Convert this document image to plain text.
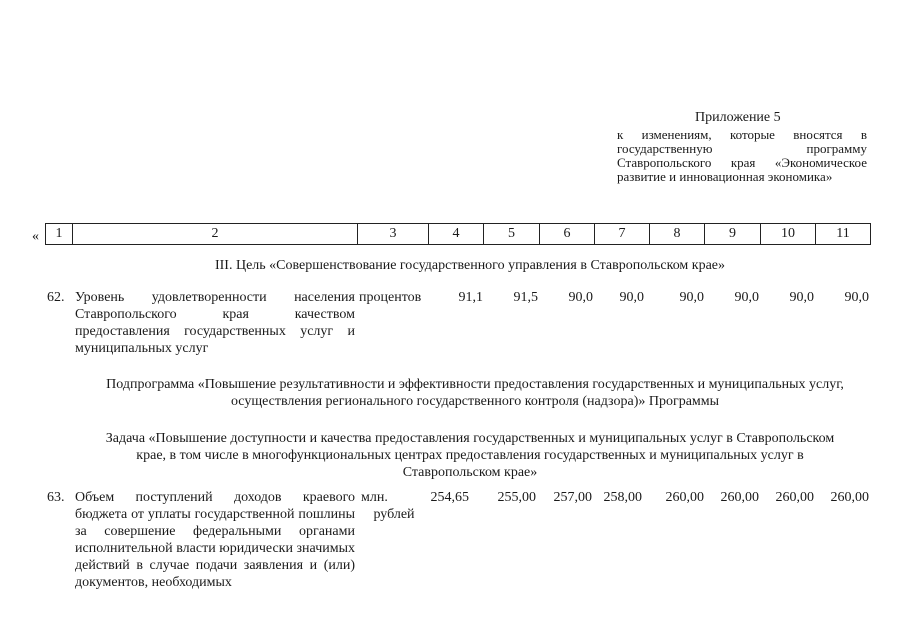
Приложение 5
к изменениям, которые вносятся в государственную программу Ставропольского края «Экономическое развитие и инновационная экономика»
« 1	2	3	4	5	6	7	8	9	10	11
III. Цель «Совершенствование государственного управления в Ставропольском крае»
62. Уровень удовлетворенности населения Ставропольского края качеством предоставления государственных услуг и муниципальных услуг
процентов	91,1	91,5	90,0	90,0	90,0	90,0	90,0	90,0
Подпрограмма «Повышение результативности и эффективности предоставления государственных и муниципальных услуг, осуществления регионального государственного контроля (надзора)» Программы
Задача «Повышение доступности и качества предоставления государственных и муниципальных услуг в Ставропольском крае, в том числе в многофункциональных центрах предоставления государственных и муниципальных услуг в Ставропольском крае»
63. Объем поступлений доходов краевого бюджета от уплаты государственной пошлины за совершение федеральными органами исполнительной власти юридически значимых действий в случае подачи заявления и (или) документов, необходимых
млн. рублей
254,65	255,00	257,00 258,00	260,00	260,00	260,00	260,00
